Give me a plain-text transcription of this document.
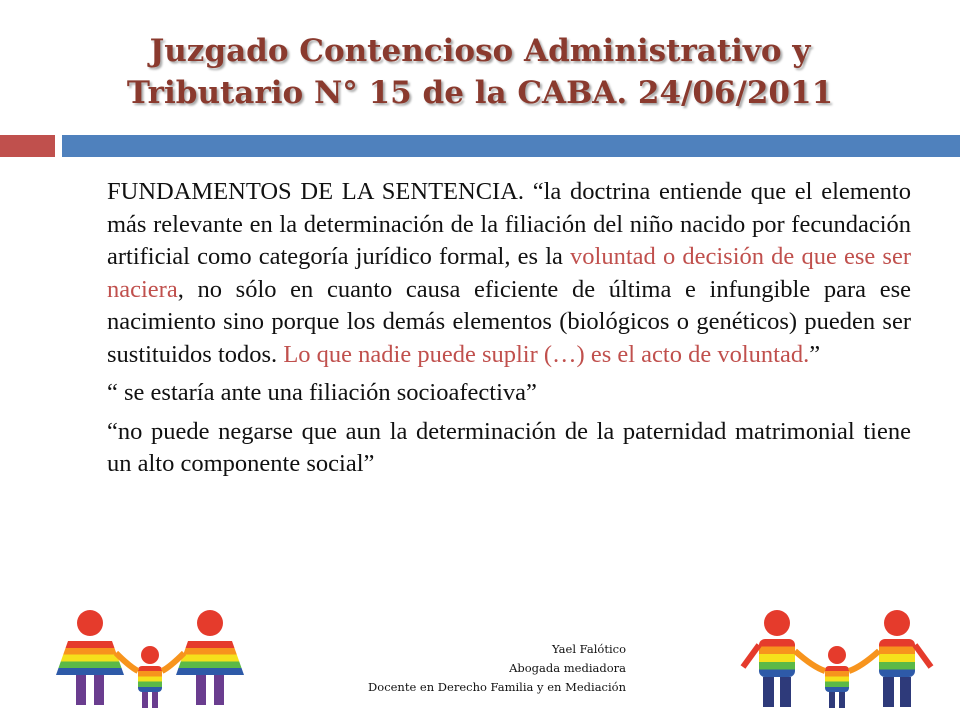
Juzgado Contencioso Administrativo y
Tributario N° 15 de la CABA. 24/06/2011

FUNDAMENTOS DE LA SENTENCIA. “la doctrina entiende que el elemento más relevante en la determinación de la filiación del niño nacido por fecundación artificial como categoría jurídico formal, es la voluntad o decisión de que ese ser naciera, no sólo en cuanto causa eficiente de última e infungible para ese nacimiento sino porque los demás elementos (biológicos o genéticos) pueden ser sustituidos todos. Lo que nadie puede suplir (…) es el acto de voluntad.”

“ se estaría ante una filiación socioafectiva”

“no puede negarse que aun la determinación de la paternidad matrimonial tiene un alto componente social”

Yael Falótico
Abogada mediadora
Docente en Derecho Familia y en Mediación
